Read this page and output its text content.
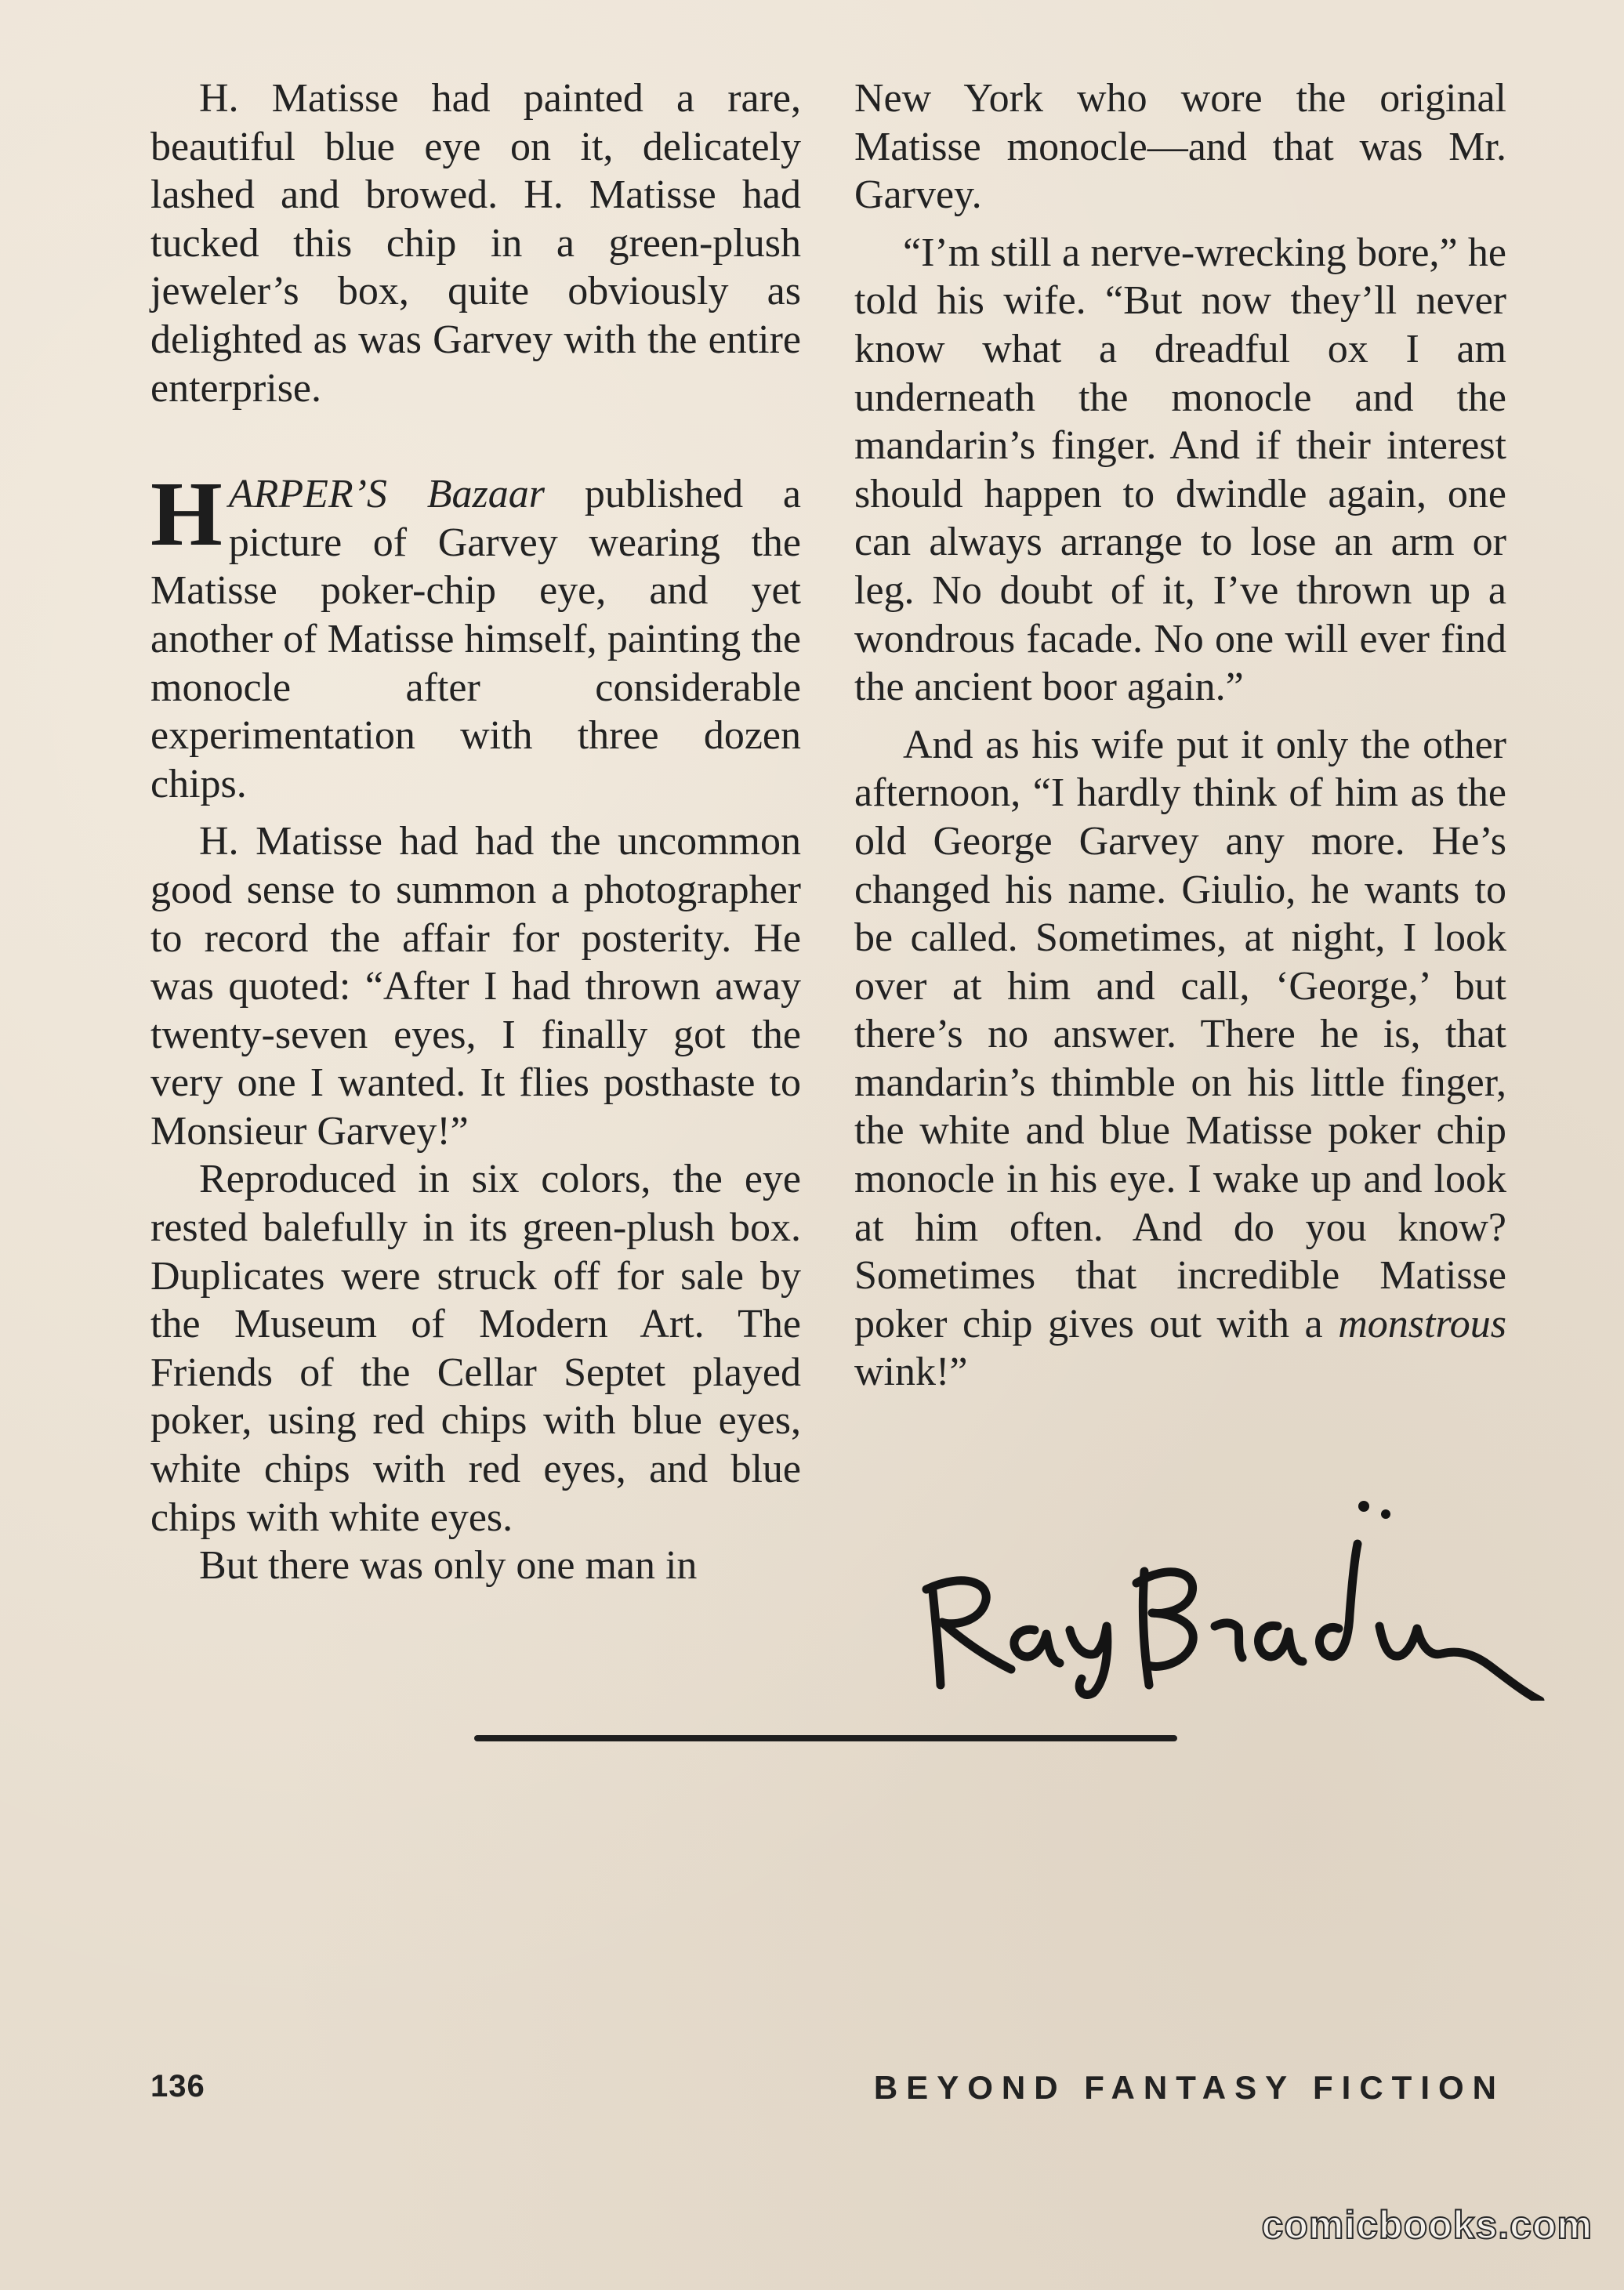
H. Matisse had painted a rare, beautiful blue eye on it, delicately lashed and browed. H. Matisse had tucked this chip in a green-plush jeweler’s box, quite obviously as delighted as was Garvey with the entire enterprise.

HARPER’S Bazaar published a picture of Garvey wearing the Matisse poker-chip eye, and yet another of Matisse himself, painting the monocle after considerable experimentation with three dozen chips.

H. Matisse had had the uncommon good sense to summon a photographer to record the affair for posterity. He was quoted: “After I had thrown away twenty-seven eyes, I finally got the very one I wanted. It flies posthaste to Monsieur Garvey!”

Reproduced in six colors, the eye rested balefully in its green-plush box. Duplicates were struck off for sale by the Museum of Modern Art. The Friends of the Cellar Septet played poker, using red chips with blue eyes, white chips with red eyes, and blue chips with white eyes.

But there was only one man in

New York who wore the original Matisse monocle—and that was Mr. Garvey.

“I’m still a nerve-wrecking bore,” he told his wife. “But now they’ll never know what a dreadful ox I am underneath the monocle and the mandarin’s finger. And if their interest should happen to dwindle again, one can always arrange to lose an arm or leg. No doubt of it, I’ve thrown up a wondrous facade. No one will ever find the ancient boor again.”

And as his wife put it only the other afternoon, “I hardly think of him as the old George Garvey any more. He’s changed his name. Giulio, he wants to be called. Sometimes, at night, I look over at him and call, ‘George,’ but there’s no answer. There he is, that mandarin’s thimble on his little finger, the white and blue Matisse poker chip monocle in his eye. I wake up and look at him often. And do you know? Sometimes that incredible Matisse poker chip gives out with a monstrous wink!”

136	BEYOND FANTASY FICTION
comicbooks.com
